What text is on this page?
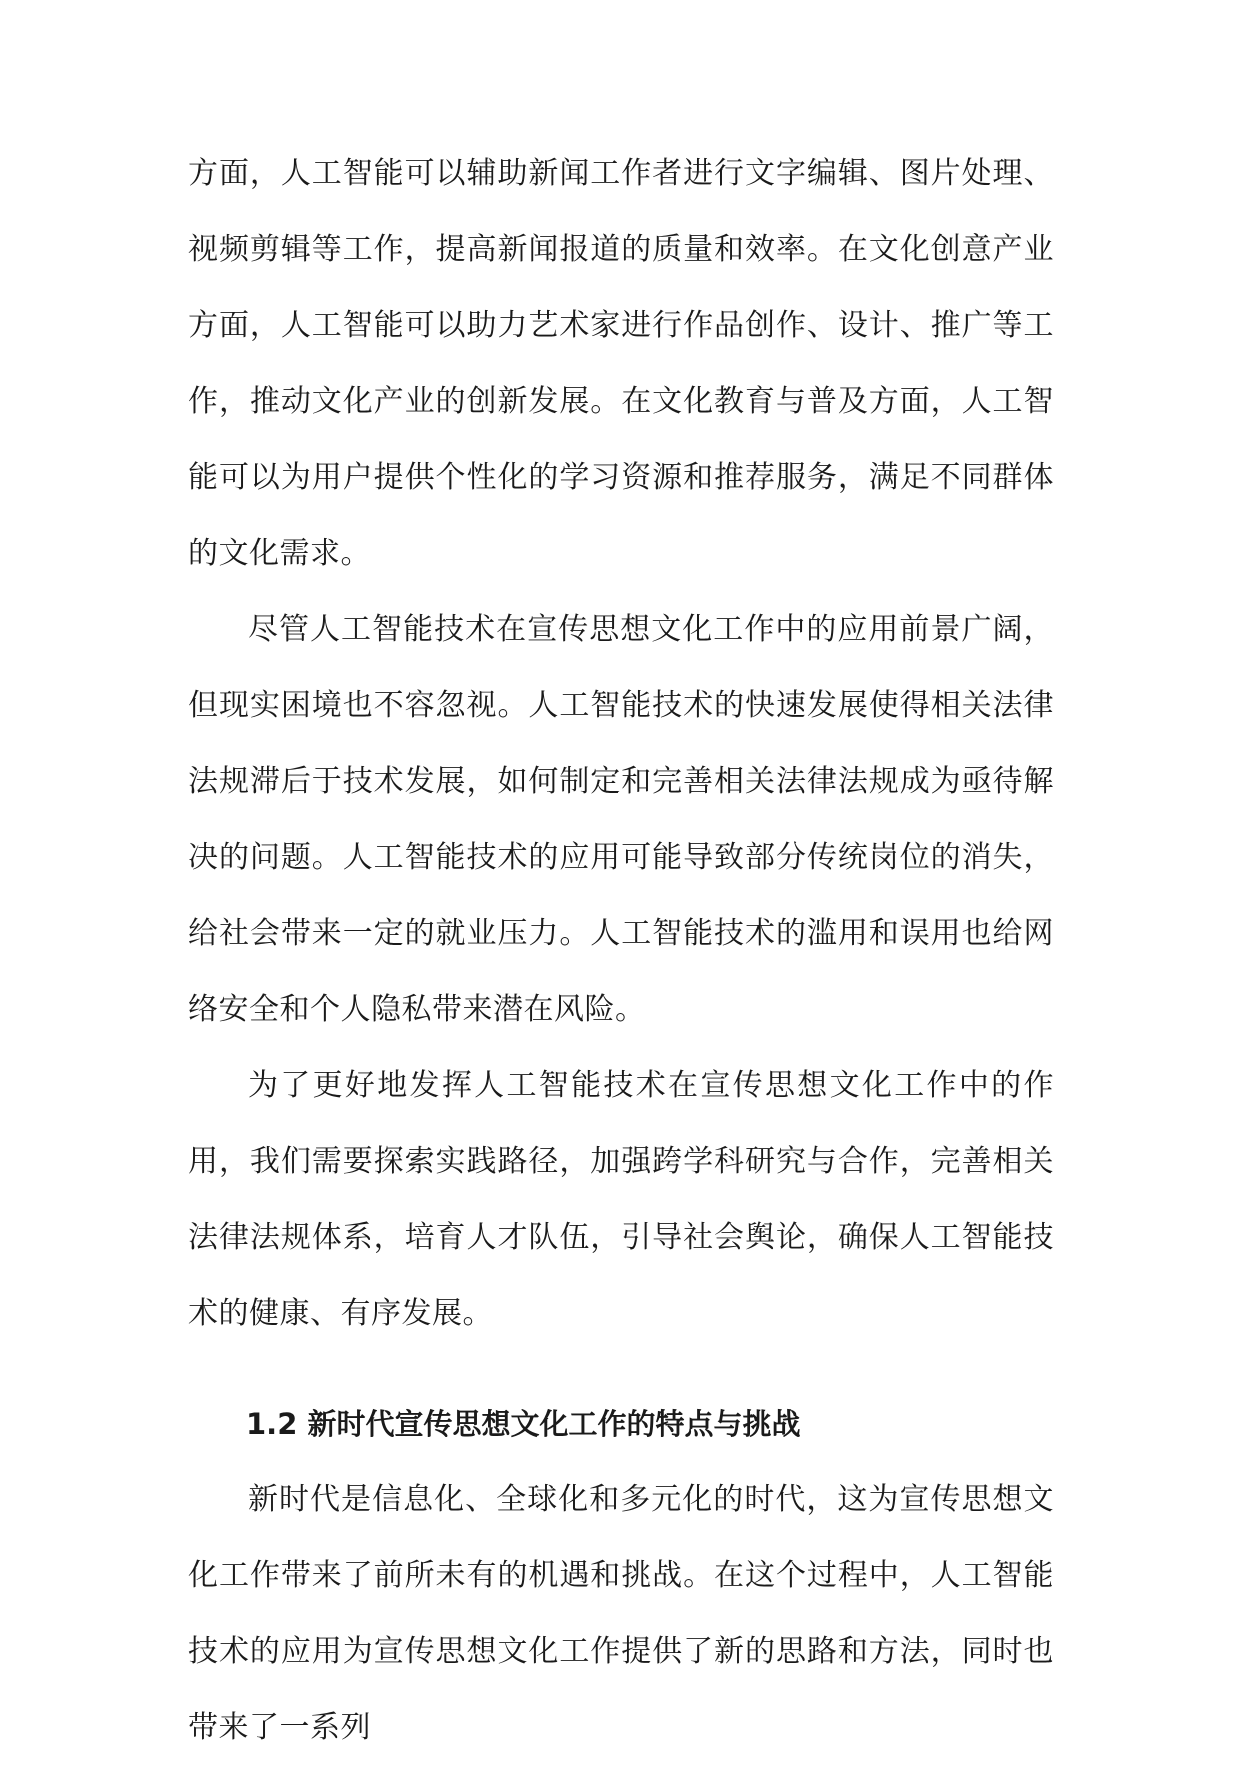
方面，人工智能可以辅助新闻工作者进行文字编辑、图片处理、视频剪辑等工作，提高新闻报道的质量和效率。在文化创意产业方面，人工智能可以助力艺术家进行作品创作、设计、推广等工作，推动文化产业的创新发展。在文化教育与普及方面，人工智能可以为用户提供个性化的学习资源和推荐服务，满足不同群体的文化需求。

尽管人工智能技术在宣传思想文化工作中的应用前景广阔，但现实困境也不容忽视。人工智能技术的快速发展使得相关法律法规滞后于技术发展，如何制定和完善相关法律法规成为亟待解决的问题。人工智能技术的应用可能导致部分传统岗位的消失，给社会带来一定的就业压力。人工智能技术的滥用和误用也给网络安全和个人隐私带来潜在风险。

为了更好地发挥人工智能技术在宣传思想文化工作中的作用，我们需要探索实践路径，加强跨学科研究与合作，完善相关法律法规体系，培育人才队伍，引导社会舆论，确保人工智能技术的健康、有序发展。

1.2 新时代宣传思想文化工作的特点与挑战

新时代是信息化、全球化和多元化的时代，这为宣传思想文化工作带来了前所未有的机遇和挑战。在这个过程中，人工智能技术的应用为宣传思想文化工作提供了新的思路和方法，同时也带来了一系列
